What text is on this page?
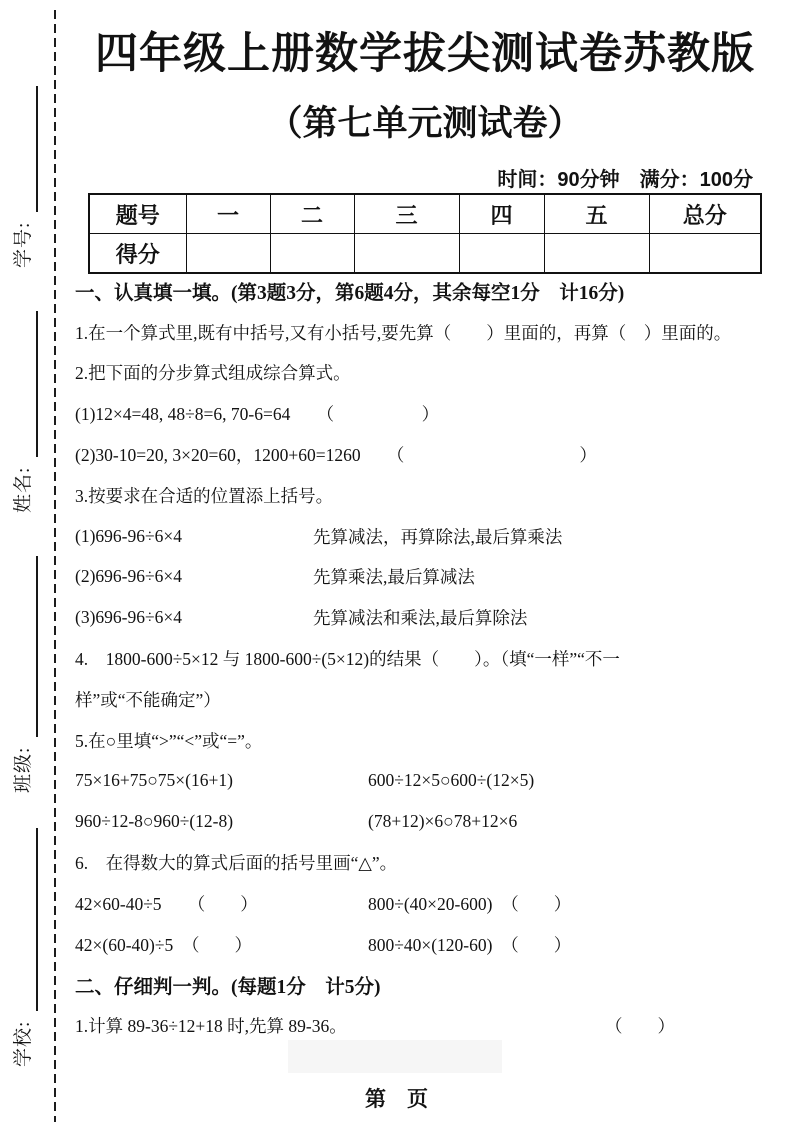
学号:
姓名:
班级:
学校:
四年级上册数学拔尖测试卷苏教版
（第七单元测试卷）
时间：90分钟　满分：100分
题号	一	二	三	四	五	总分
得分						
一、认真填一填。(第3题3分，第6题4分，其余每空1分　计16分)
1.在一个算式里,既有中括号,又有小括号,要先算（　　）里面的，再算（　）里面的。
2.把下面的分步算式组成综合算式。
(1)12×4=48, 48÷8=6, 70-6=64　　（　　　　　）
(2)30-10=20, 3×20=60，1200+60=1260　　（　　　　　　　　　　）
3.按要求在合适的位置添上括号。
(1)696-96÷6×4	先算减法，再算除法,最后算乘法
(2)696-96÷6×4	先算乘法,最后算减法
(3)696-96÷6×4	先算减法和乘法,最后算除法
4.　1800-600÷5×12 与 1800-600÷(5×12)的结果（　　）。（填“一样”“不一
样”或“不能确定”）
5.在○里填“>”“<”或“=”。
75×16+75○75×(16+1)	600÷12×5○600÷(12×5)
960÷12-8○960÷(12-8)	(78+12)×6○78+12×6
6.　在得数大的算式后面的括号里画“△”。
42×60-40÷5　　（　　）	800÷(40×20-600)　（　　）
42×(60-40)÷5　（　　）	800÷40×(120-60)　（　　）
二、仔细判一判。(每题1分　计5分)
1.计算 89-36÷12+18 时,先算 89-36。	（　　）
第　页
